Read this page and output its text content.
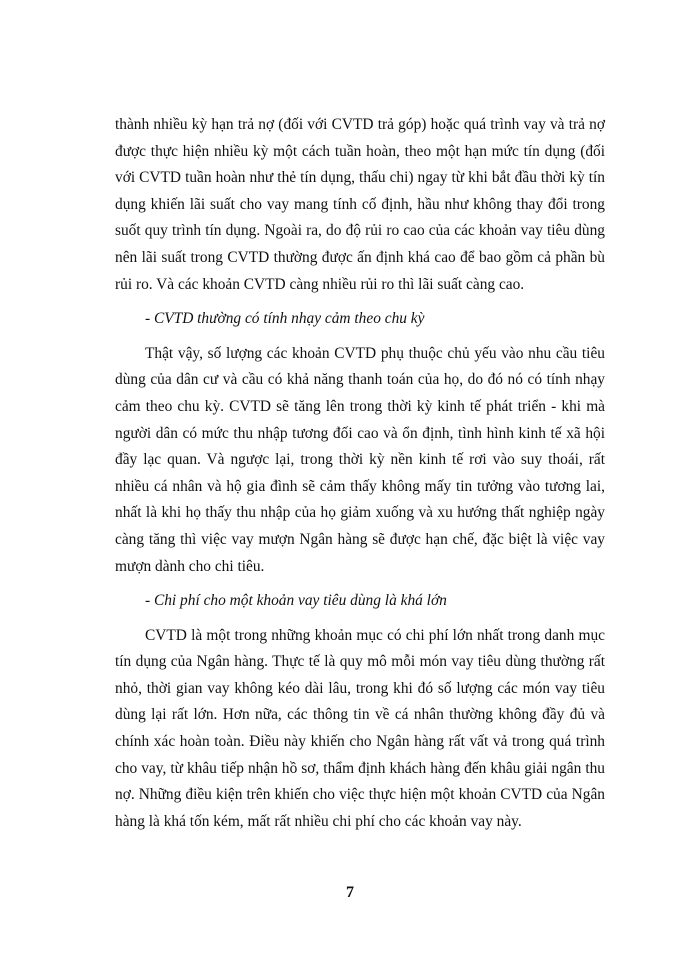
thành nhiều kỳ hạn trả nợ (đối với CVTD trả góp) hoặc quá trình vay và trả nợ được thực hiện nhiều kỳ một cách tuần hoàn, theo một hạn mức tín dụng (đối với CVTD tuần hoàn như thẻ tín dụng, thấu chi) ngay từ khi bắt đầu thời kỳ tín dụng khiến lãi suất cho vay mang tính cố định, hầu như không thay đổi trong suốt quy trình tín dụng. Ngoài ra, do độ rủi ro cao của các khoản vay tiêu dùng nên lãi suất trong CVTD thường được ấn định khá cao để bao gồm cả phần bù rủi ro. Và các khoản CVTD càng nhiều rủi ro thì lãi suất càng cao.

- CVTD thường có tính nhạy cảm theo chu kỳ

Thật vậy, số lượng các khoản CVTD phụ thuộc chủ yếu vào nhu cầu tiêu dùng của dân cư và cầu có khả năng thanh toán của họ, do đó nó có tính nhạy cảm theo chu kỳ. CVTD sẽ tăng lên trong thời kỳ kinh tế phát triển - khi mà người dân có mức thu nhập tương đối cao và ổn định, tình hình kinh tế xã hội đầy lạc quan. Và ngược lại, trong thời kỳ nền kinh tế rơi vào suy thoái, rất nhiều cá nhân và hộ gia đình sẽ cảm thấy không mấy tin tưởng vào tương lai, nhất là khi họ thấy thu nhập của họ giảm xuống và xu hướng thất nghiệp ngày càng tăng thì việc vay mượn Ngân hàng sẽ được hạn chế, đặc biệt là việc vay mượn dành cho chi tiêu.

- Chi phí cho một khoản vay tiêu dùng là khá lớn

CVTD là một trong những khoản mục có chi phí lớn nhất trong danh mục tín dụng của Ngân hàng. Thực tế là quy mô mỗi món vay tiêu dùng thường rất nhỏ, thời gian vay không kéo dài lâu, trong khi đó số lượng các món vay tiêu dùng lại rất lớn. Hơn nữa, các thông tin về cá nhân thường không đầy đủ và chính xác hoàn toàn. Điều này khiến cho Ngân hàng rất vất vả trong quá trình cho vay, từ khâu tiếp nhận hồ sơ, thẩm định khách hàng đến khâu giải ngân thu nợ. Những điều kiện trên khiến cho việc thực hiện một khoản CVTD của Ngân hàng là khá tốn kém, mất rất nhiều chi phí cho các khoản vay này.

7
